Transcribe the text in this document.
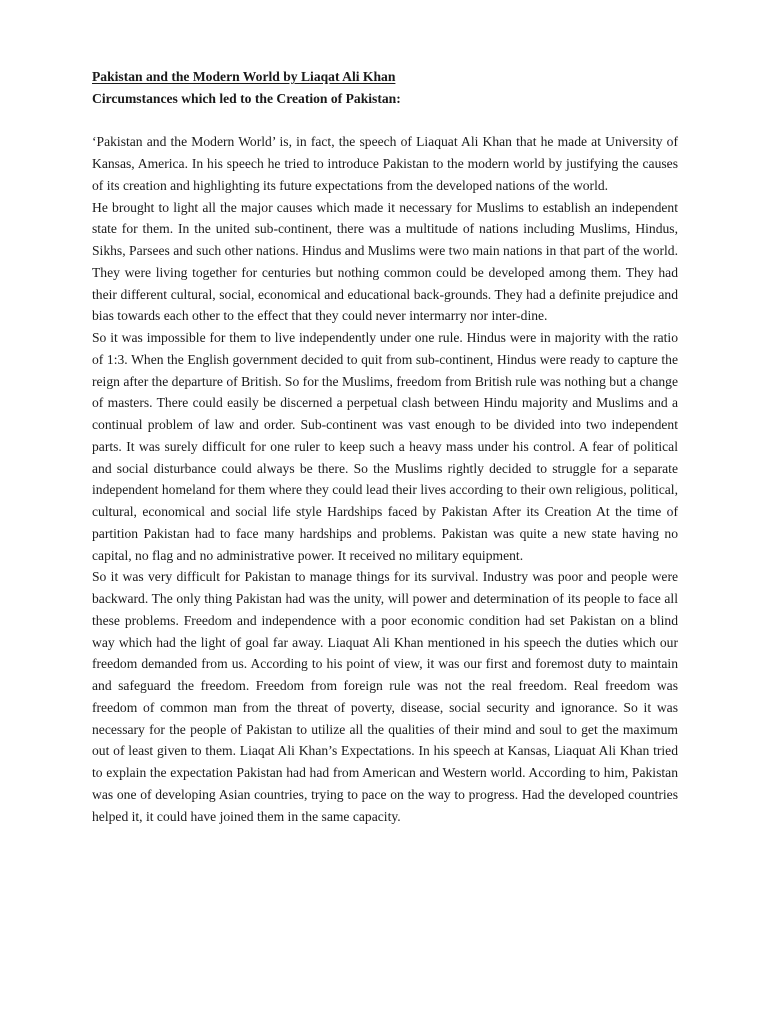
Pakistan and the Modern World by Liaqat Ali Khan

Circumstances which led to the Creation of Pakistan:

‘Pakistan and the Modern World’ is, in fact, the speech of Liaquat Ali Khan that he made at University of Kansas, America. In his speech he tried to introduce Pakistan to the modern world by justifying the causes of its creation and highlighting its future expectations from the developed nations of the world.

He brought to light all the major causes which made it necessary for Muslims to establish an independent state for them. In the united sub-continent, there was a multitude of nations including Muslims, Hindus, Sikhs, Parsees and such other nations. Hindus and Muslims were two main nations in that part of the world. They were living together for centuries but nothing common could be developed among them. They had their different cultural, social, economical and educational back-grounds. They had a definite prejudice and bias towards each other to the effect that they could never intermarry nor inter-dine.

So it was impossible for them to live independently under one rule. Hindus were in majority with the ratio of 1:3. When the English government decided to quit from sub-continent, Hindus were ready to capture the reign after the departure of British. So for the Muslims, freedom from British rule was nothing but a change of masters. There could easily be discerned a perpetual clash between Hindu majority and Muslims and a continual problem of law and order. Sub-continent was vast enough to be divided into two independent parts. It was surely difficult for one ruler to keep such a heavy mass under his control. A fear of political and social disturbance could always be there. So the Muslims rightly decided to struggle for a separate independent homeland for them where they could lead their lives according to their own religious, political, cultural, economical and social life style Hardships faced by Pakistan After its Creation At the time of partition Pakistan had to face many hardships and problems. Pakistan was quite a new state having no capital, no flag and no administrative power. It received no military equipment.

So it was very difficult for Pakistan to manage things for its survival. Industry was poor and people were backward. The only thing Pakistan had was the unity, will power and determination of its people to face all these problems. Freedom and independence with a poor economic condition had set Pakistan on a blind way which had the light of goal far away. Liaquat Ali Khan mentioned in his speech the duties which our freedom demanded from us. According to his point of view, it was our first and foremost duty to maintain and safeguard the freedom. Freedom from foreign rule was not the real freedom. Real freedom was freedom of common man from the threat of poverty, disease, social security and ignorance. So it was necessary for the people of Pakistan to utilize all the qualities of their mind and soul to get the maximum out of least given to them. Liaqat Ali Khan’s Expectations. In his speech at Kansas, Liaquat Ali Khan tried to explain the expectation Pakistan had had from American and Western world. According to him, Pakistan was one of developing Asian countries, trying to pace on the way to progress. Had the developed countries helped it, it could have joined them in the same capacity.
